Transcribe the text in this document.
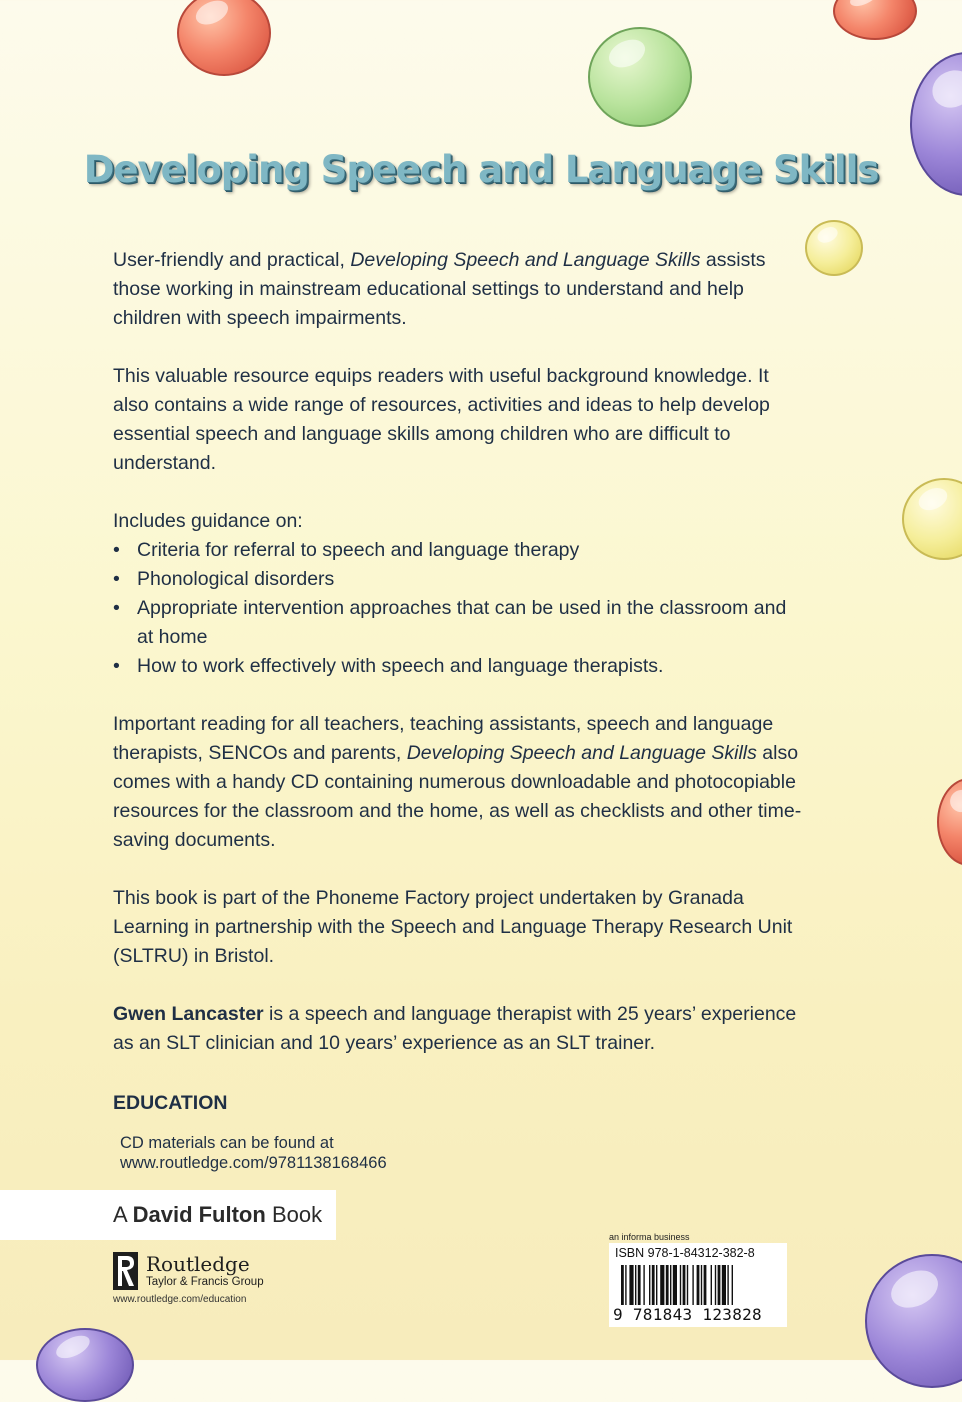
Developing Speech and Language Skills

User-friendly and practical, Developing Speech and Language Skills assists those working in mainstream educational settings to understand and help children with speech impairments.

This valuable resource equips readers with useful background knowledge. It also contains a wide range of resources, activities and ideas to help develop essential speech and language skills among children who are difficult to understand.

Includes guidance on:
• Criteria for referral to speech and language therapy
• Phonological disorders
• Appropriate intervention approaches that can be used in the classroom and at home
• How to work effectively with speech and language therapists.

Important reading for all teachers, teaching assistants, speech and language therapists, SENCOs and parents, Developing Speech and Language Skills also comes with a handy CD containing numerous downloadable and photocopiable resources for the classroom and the home, as well as checklists and other time-saving documents.

This book is part of the Phoneme Factory project undertaken by Granada Learning in partnership with the Speech and Language Therapy Research Unit (SLTRU) in Bristol.

Gwen Lancaster is a speech and language therapist with 25 years’ experience as an SLT clinician and 10 years’ experience as an SLT trainer.

EDUCATION

CD materials can be found at
www.routledge.com/9781138168466
A David Fulton Book
Routledge
Taylor & Francis Group
www.routledge.com/education
an informa business
ISBN 978-1-84312-382-8
9 781843 123828
